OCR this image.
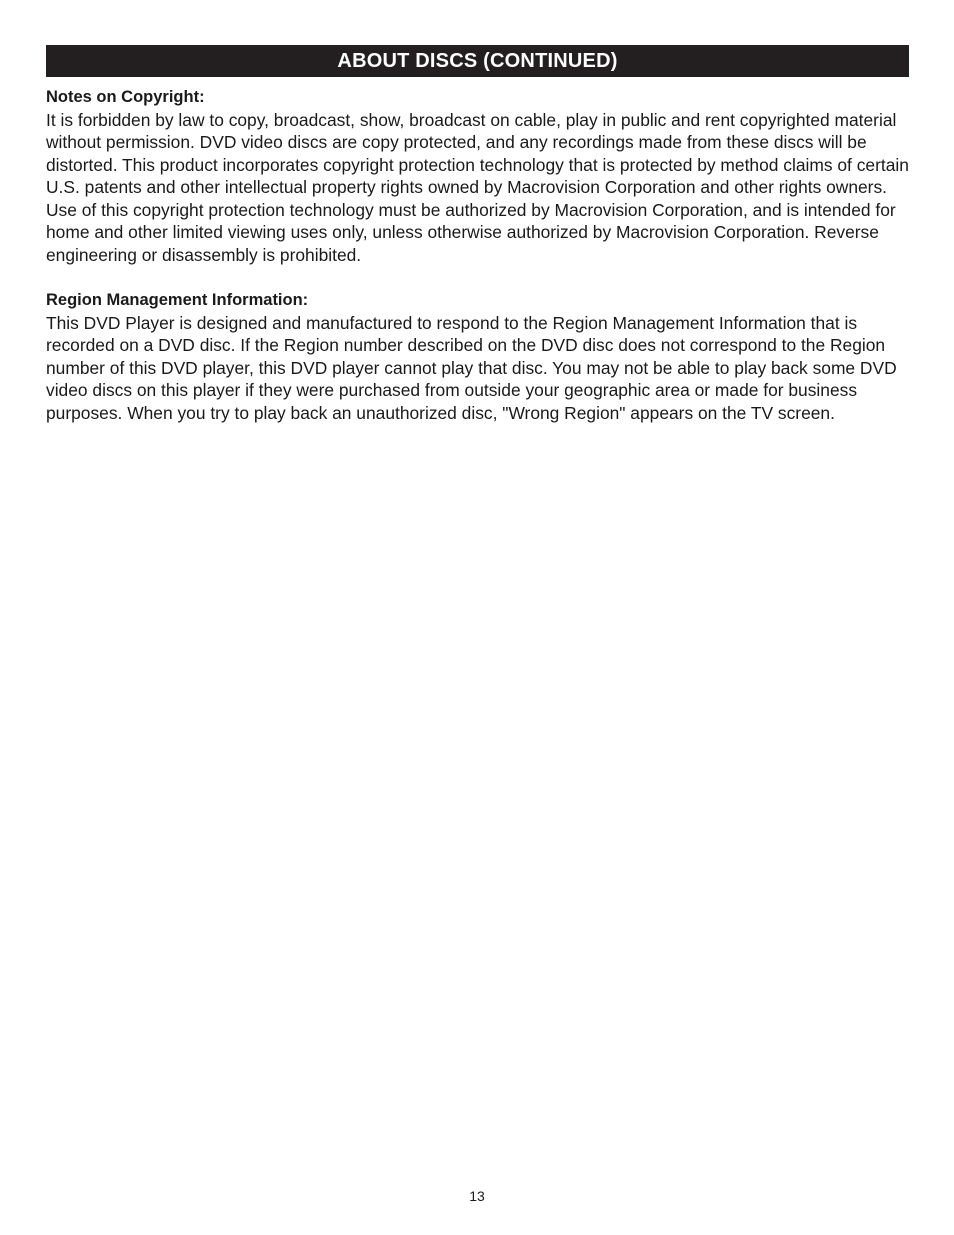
ABOUT DISCS (CONTINUED)
Notes on Copyright:
It is forbidden by law to copy, broadcast, show, broadcast on cable, play in public and rent copyrighted material without permission. DVD video discs are copy protected, and any recordings made from these discs will be distorted. This product incorporates copyright protection technology that is protected by method claims of certain U.S. patents and other intellectual property rights owned by Macrovision Corporation and other rights owners. Use of this copyright protection technology must be authorized by Macrovision Corporation, and is intended for home and other limited viewing uses only, unless otherwise authorized by Macrovision Corporation. Reverse engineering or disassembly is prohibited.
Region Management Information:
This DVD Player is designed and manufactured to respond to the Region Management Information that is recorded on a DVD disc. If the Region number described on the DVD disc does not correspond to the Region number of this DVD player, this DVD player cannot play that disc. You may not be able to play back some DVD video discs on this player if they were purchased from outside your geographic area or made for business purposes. When you try to play back an unauthorized disc, "Wrong Region" appears on the TV screen.
13
